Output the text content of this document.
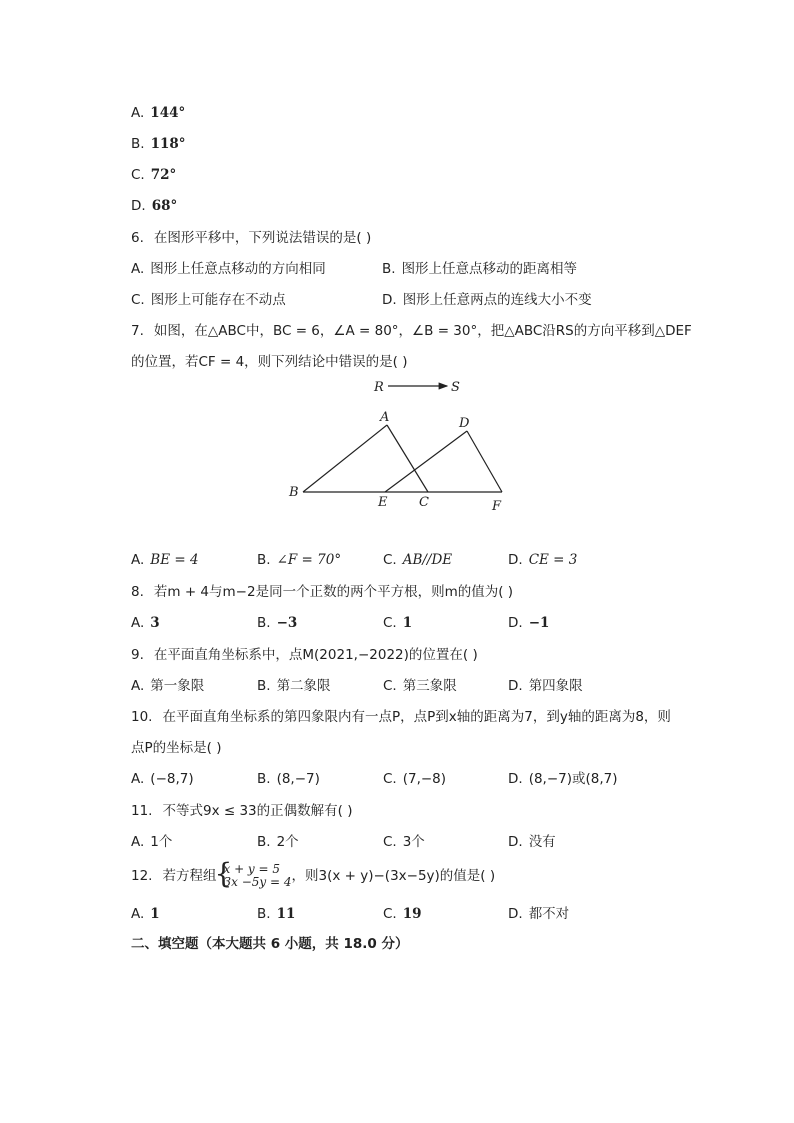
A. 144°
B. 118°
C. 72°
D. 68°
6. 在图形平移中，下列说法错误的是( )
A. 图形上任意点移动的方向相同	B. 图形上任意点移动的距离相等
C. 图形上可能存在不动点	D. 图形上任意两点的连线大小不变
7. 如图，在△ABC中，BC = 6，∠A = 80°，∠B = 30°，把△ABC沿RS的方向平移到△DEF
的位置，若CF = 4，则下列结论中错误的是( )
R	S
A
B
C
D
E	F
A. BE = 4	B. ∠F = 70°	C. AB//DE	D. CE = 3
8. 若m + 4与m−2是同一个正数的两个平方根，则m的值为( )
A. 3	B. −3	C. 1	D. −1
9. 在平面直角坐标系中，点M(2021,−2022)的位置在( )
A. 第一象限	B. 第二象限	C. 第三象限	D. 第四象限
10. 在平面直角坐标系的第四象限内有一点P，点P到x轴的距离为7，到y轴的距离为8，则
点P的坐标是( )
A. (−8,7)	B. (8,−7)	C. (7,−8)	D. (8,−7)或(8,7)
11. 不等式9x ≤ 33的正偶数解有( )
A. 1个	B. 2个	C. 3个	D. 没有
12. 若方程组
{ x + y = 5
3x −5y = 4 ，则3(x + y)−(3x−5y)的值是( )
A. 1	B. 11	C. 19	D. 都不对
二、填空题（本大题共 6 小题，共 18.0 分）
